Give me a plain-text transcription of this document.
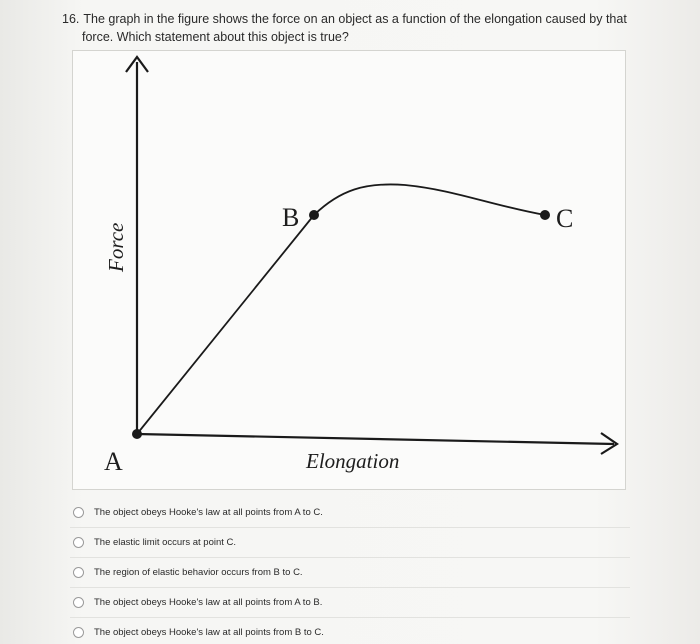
16. The graph in the figure shows the force on an object as a function of the elongation caused by that
force. Which statement about this object is true?
A
B	C
Elongation
Force
The object obeys Hooke's law at all points from A to C.
The elastic limit occurs at point C.
The region of elastic behavior occurs from B to C.
The object obeys Hooke's law at all points from A to B.
The object obeys Hooke's law at all points from B to C.
